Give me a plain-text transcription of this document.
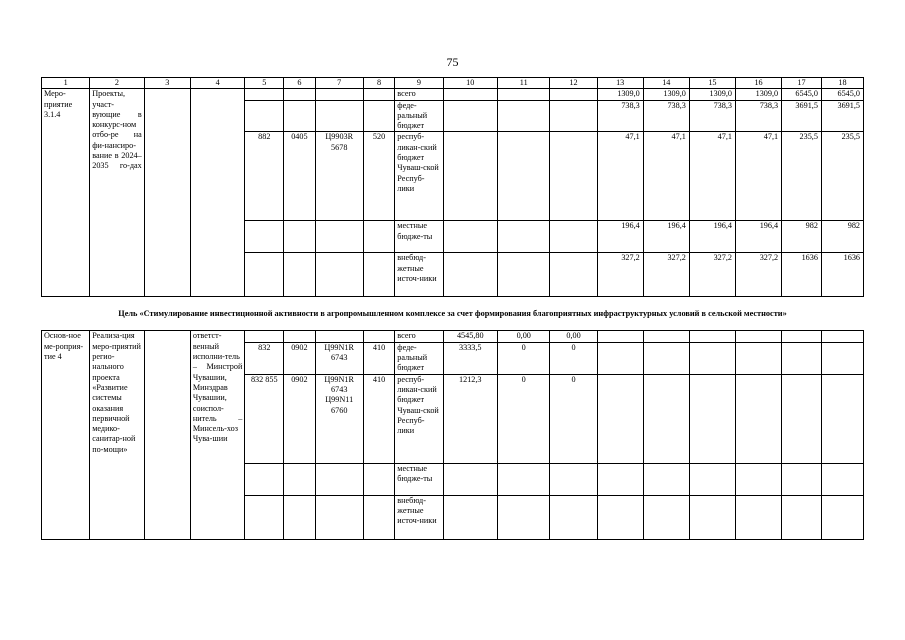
75
1	2	3	4	5	6	7	8	9	10	11	12	13	14	15	16	17	18
Меро-приятие 3.1.4	Проекты, участ-вующие в конкурс-ном отбо-ре на фи-нансиро-вание в 2024–2035 го-дах							всего				1309,0	1309,0	1309,0	1309,0	6545,0	6545,0
								феде-ральный бюджет				738,3	738,3	738,3	738,3	3691,5	3691,5
				882	0405	Ц9903R 5678	520	респуб-ликан-ский бюджет Чуваш-ской Респуб-лики				47,1	47,1	47,1	47,1	235,5	235,5
								местные бюдже-ты				196,4	196,4	196,4	196,4	982	982
								внебюд-жетные источ-ники				327,2	327,2	327,2	327,2	1636	1636
Цель «Стимулирование инвестиционной активности в агропромышленном комплексе за счет формирования благоприятных инфраструктурных условий в сельской местности»																	
Основ-ное ме-роприя-тие 4	Реализа-ция меро-приятий регио-нального проекта «Развитие системы оказания первичной медико-санитар-ной по-мощи»		ответст-венный исполни-тель – Минстрой Чувашии, Минздрав Чувашии, соиспол-нитель – Минсель-хоз Чува-шии					всего	4545,80	0,00	0,00						
				832	0902	Ц99N1R 6743	410	феде-ральный бюджет	3333,5	0	0						
				832 855	0902	Ц99N1R 6743 Ц99N11 6760	410	респуб-ликан-ский бюджет Чуваш-ской Респуб-лики	1212,3	0	0						
								местные бюдже-ты									
								внебюд-жетные источ-ники									
